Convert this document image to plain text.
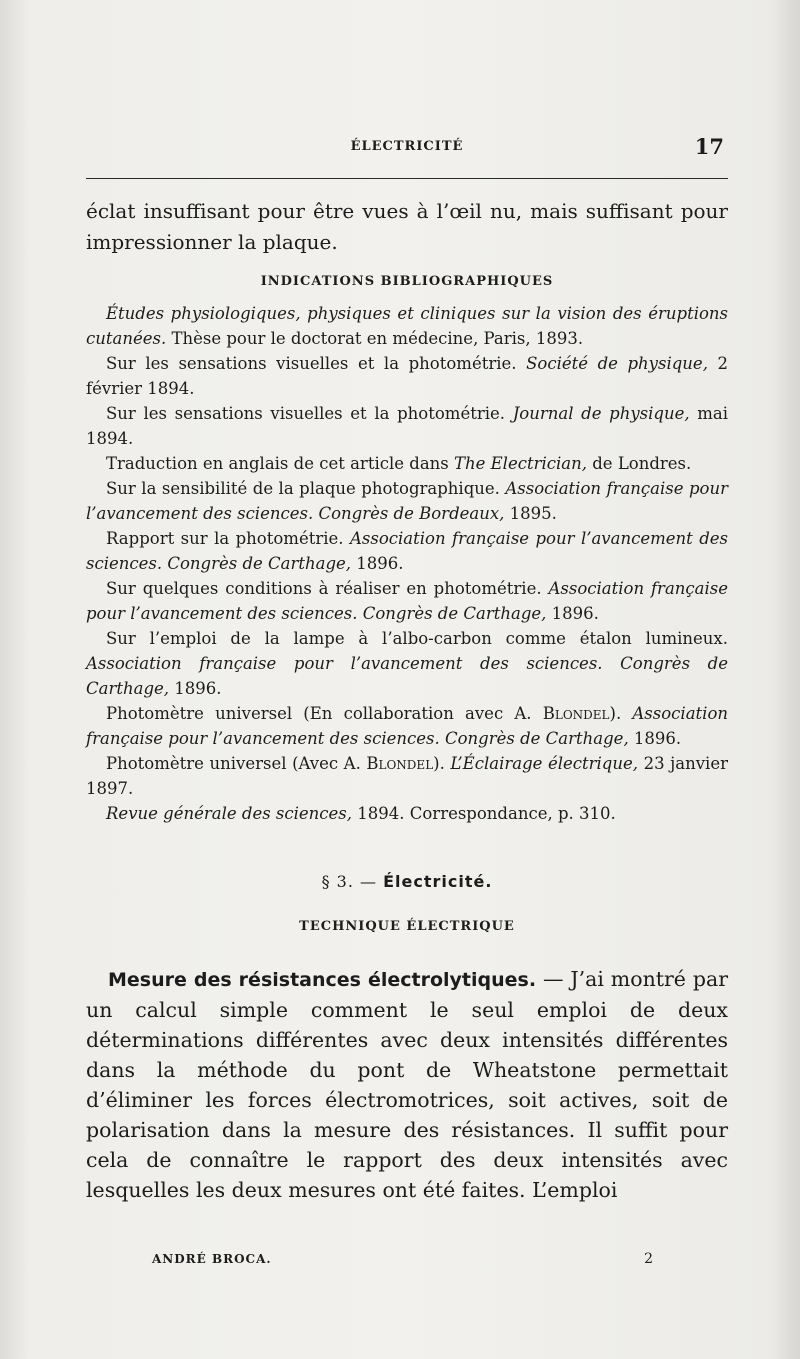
ÉLECTRICITÉ	17

éclat insuffisant pour être vues à l’œil nu, mais suffisant pour impressionner la plaque.

INDICATIONS BIBLIOGRAPHIQUES

Études physiologiques, physiques et cliniques sur la vision des éruptions cutanées. Thèse pour le doctorat en médecine, Paris, 1893.

Sur les sensations visuelles et la photométrie. Société de physique, 2 février 1894.

Sur les sensations visuelles et la photométrie. Journal de physique, mai 1894.

Traduction en anglais de cet article dans The Electrician, de Londres.

Sur la sensibilité de la plaque photographique. Association française pour l’avancement des sciences. Congrès de Bordeaux, 1895.

Rapport sur la photométrie. Association française pour l’avancement des sciences. Congrès de Carthage, 1896.

Sur quelques conditions à réaliser en photométrie. Association française pour l’avancement des sciences. Congrès de Carthage, 1896.

Sur l’emploi de la lampe à l’albo-carbon comme étalon lumineux. Association française pour l’avancement des sciences. Congrès de Carthage, 1896.

Photomètre universel (En collaboration avec A. Blondel). Association française pour l’avancement des sciences. Congrès de Carthage, 1896.

Photomètre universel (Avec A. Blondel). L’Éclairage électrique, 23 janvier 1897.

Revue générale des sciences, 1894. Correspondance, p. 310.

§ 3. — Électricité.
TECHNIQUE ÉLECTRIQUE

Mesure des résistances électrolytiques. — J’ai montré par un calcul simple comment le seul emploi de deux déterminations différentes avec deux intensités différentes dans la méthode du pont de Wheatstone permettait d’éliminer les forces électromotrices, soit actives, soit de polarisation dans la mesure des résistances. Il suffit pour cela de connaître le rapport des deux intensités avec lesquelles les deux mesures ont été faites. L’emploi

ANDRÉ BROCA.	2
